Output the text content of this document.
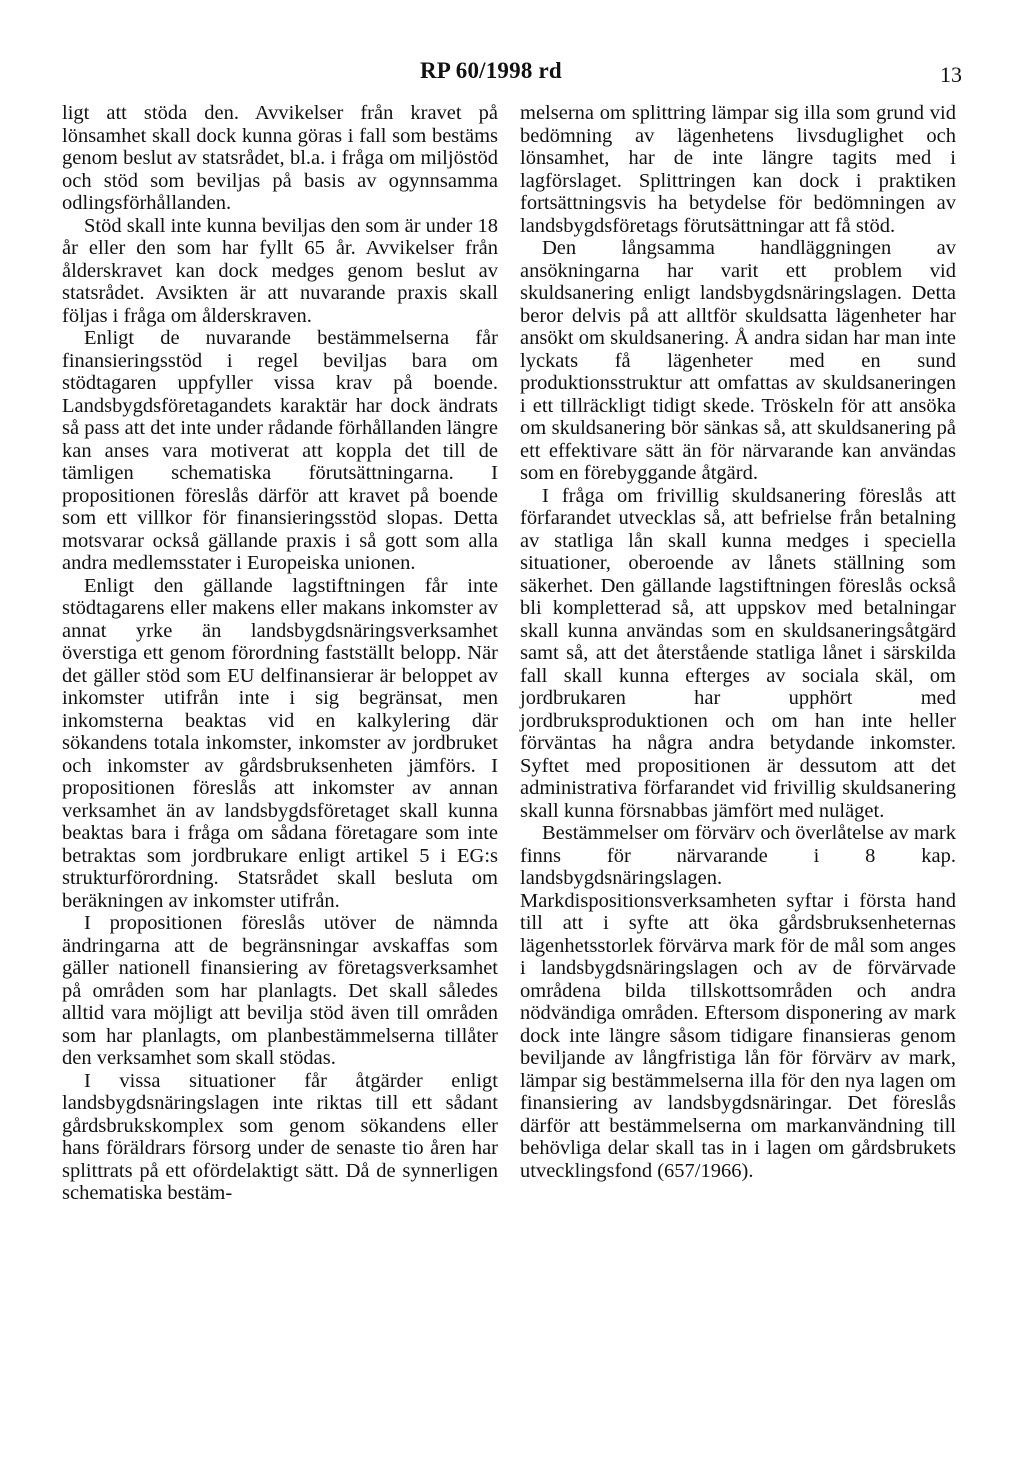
RP 60/1998 rd	13

ligt att stöda den. Avvikelser från kravet på lönsamhet skall dock kunna göras i fall som bestäms genom beslut av statsrådet, bl.a. i fråga om miljöstöd och stöd som beviljas på basis av ogynnsamma odlingsförhållanden.

Stöd skall inte kunna beviljas den som är under 18 år eller den som har fyllt 65 år. Avvikelser från ålderskravet kan dock medges genom beslut av statsrådet. Avsikten är att nuvarande praxis skall följas i fråga om ålderskraven.

Enligt de nuvarande bestämmelserna får finansieringsstöd i regel beviljas bara om stödtagaren uppfyller vissa krav på boende. Landsbygdsföretagandets karaktär har dock ändrats så pass att det inte under rådande förhållanden längre kan anses vara motiverat att koppla det till de tämligen schematiska förutsättningarna. I propositionen föreslås därför att kravet på boende som ett villkor för finansieringsstöd slopas. Detta motsvarar också gällande praxis i så gott som alla andra medlemsstater i Europeiska unionen.

Enligt den gällande lagstiftningen får inte stödtagarens eller makens eller makans inkomster av annat yrke än landsbygdsnäringsverksamhet överstiga ett genom förordning fastställt belopp. När det gäller stöd som EU delfinansierar är beloppet av inkomster utifrån inte i sig begränsat, men inkomsterna beaktas vid en kalkylering där sökandens totala inkomster, inkomster av jordbruket och inkomster av gårdsbruksenheten jämförs. I propositionen föreslås att inkomster av annan verksamhet än av landsbygdsföretaget skall kunna beaktas bara i fråga om sådana företagare som inte betraktas som jordbrukare enligt artikel 5 i EG:s strukturförordning. Statsrådet skall besluta om beräkningen av inkomster utifrån.

I propositionen föreslås utöver de nämnda ändringarna att de begränsningar avskaffas som gäller nationell finansiering av företagsverksamhet på områden som har planlagts. Det skall således alltid vara möjligt att bevilja stöd även till områden som har planlagts, om planbestämmelserna tillåter den verksamhet som skall stödas.

I vissa situationer får åtgärder enligt landsbygdsnäringslagen inte riktas till ett sådant gårdsbrukskomplex som genom sökandens eller hans föräldrars försorg under de senaste tio åren har splittrats på ett ofördelaktigt sätt. Då de synnerligen schematiska bestäm-

melserna om splittring lämpar sig illa som grund vid bedömning av lägenhetens livsduglighet och lönsamhet, har de inte längre tagits med i lagförslaget. Splittringen kan dock i praktiken fortsättningsvis ha betydelse för bedömningen av landsbygdsföretags förutsättningar att få stöd.

Den långsamma handläggningen av ansökningarna har varit ett problem vid skuldsanering enligt landsbygdsnäringslagen. Detta beror delvis på att alltför skuldsatta lägenheter har ansökt om skuldsanering. Å andra sidan har man inte lyckats få lägenheter med en sund produktionsstruktur att omfattas av skuldsaneringen i ett tillräckligt tidigt skede. Tröskeln för att ansöka om skuldsanering bör sänkas så, att skuldsanering på ett effektivare sätt än för närvarande kan användas som en förebyggande åtgärd.

I fråga om frivillig skuldsanering föreslås att förfarandet utvecklas så, att befrielse från betalning av statliga lån skall kunna medges i speciella situationer, oberoende av lånets ställning som säkerhet. Den gällande lagstiftningen föreslås också bli kompletterad så, att uppskov med betalningar skall kunna användas som en skuldsaneringsåtgärd samt så, att det återstående statliga lånet i särskilda fall skall kunna efterges av sociala skäl, om jordbrukaren har upphört med jordbruksproduktionen och om han inte heller förväntas ha några andra betydande inkomster. Syftet med propositionen är dessutom att det administrativa förfarandet vid frivillig skuldsanering skall kunna försnabbas jämfört med nuläget.

Bestämmelser om förvärv och överlåtelse av mark finns för närvarande i 8 kap. landsbygdsnäringslagen. Markdispositionsverksamheten syftar i första hand till att i syfte att öka gårdsbruksenheternas lägenhetsstorlek förvärva mark för de mål som anges i landsbygdsnäringslagen och av de förvärvade områdena bilda tillskottsområden och andra nödvändiga områden. Eftersom disponering av mark dock inte längre såsom tidigare finansieras genom beviljande av långfristiga lån för förvärv av mark, lämpar sig bestämmelserna illa för den nya lagen om finansiering av landsbygdsnäringar. Det föreslås därför att bestämmelserna om markanvändning till behövliga delar skall tas in i lagen om gårdsbrukets utvecklingsfond (657/1966).
